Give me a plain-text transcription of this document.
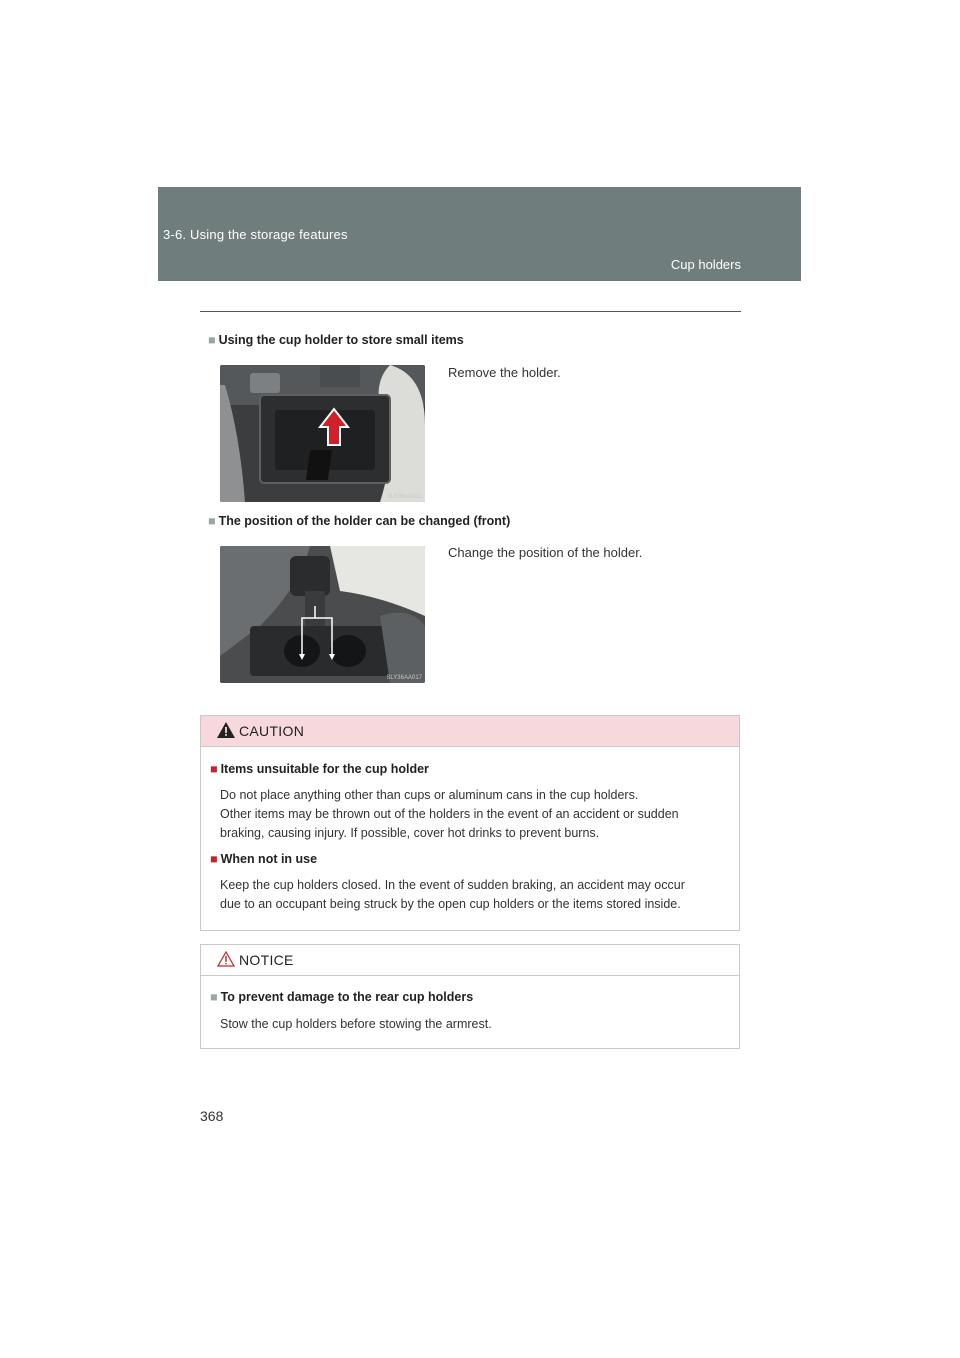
3-6. Using the storage features
Cup holders
■ Using the cup holder to store small items
SLY36AA011
Remove the holder.
■ The position of the holder can be changed (front)
SLY36AA017
Change the position of the holder.
CAUTION
■ Items unsuitable for the cup holder
Do not place anything other than cups or aluminum cans in the cup holders.
Other items may be thrown out of the holders in the event of an accident or sudden
braking, causing injury. If possible, cover hot drinks to prevent burns.
■ When not in use
Keep the cup holders closed. In the event of sudden braking, an accident may occur
due to an occupant being struck by the open cup holders or the items stored inside.
NOTICE
■ To prevent damage to the rear cup holders
Stow the cup holders before stowing the armrest.
368
